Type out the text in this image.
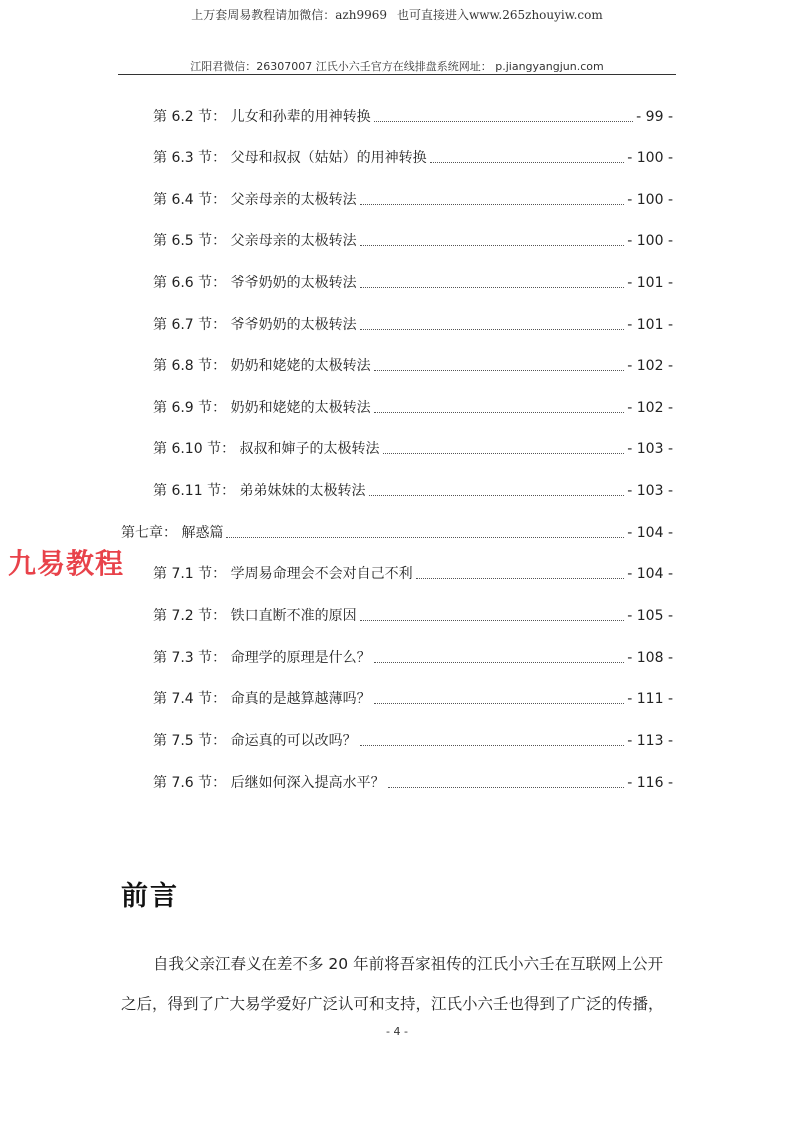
上万套周易教程请加微信：azh9969 也可直接进入www.265zhouyiw.com
江阳君微信：26307007 江氏小六壬官方在线排盘系统网址： p.jiangyangjun.com
第 6.2 节： 儿女和孙辈的用神转换	- 99 -
第 6.3 节： 父母和叔叔（姑姑）的用神转换	- 100 -
第 6.4 节： 父亲母亲的太极转法	- 100 -
第 6.5 节： 父亲母亲的太极转法	- 100 -
第 6.6 节： 爷爷奶奶的太极转法	- 101 -
第 6.7 节： 爷爷奶奶的太极转法	- 101 -
第 6.8 节： 奶奶和姥姥的太极转法	- 102 -
第 6.9 节： 奶奶和姥姥的太极转法	- 102 -
第 6.10 节： 叔叔和婶子的太极转法	- 103 -
第 6.11 节： 弟弟妹妹的太极转法	- 103 -
第七章： 解惑篇	- 104 -
第 7.1 节： 学周易命理会不会对自己不利	- 104 -
第 7.2 节： 铁口直断不准的原因	- 105 -
第 7.3 节： 命理学的原理是什么？	- 108 -
第 7.4 节： 命真的是越算越薄吗？	- 111 -
第 7.5 节： 命运真的可以改吗？	- 113 -
第 7.6 节： 后继如何深入提高水平？	- 116 -
九易教程
前言
自我父亲江春义在差不多 20 年前将吾家祖传的江氏小六壬在互联网上公开
之后，得到了广大易学爱好广泛认可和支持，江氏小六壬也得到了广泛的传播，
- 4 -
